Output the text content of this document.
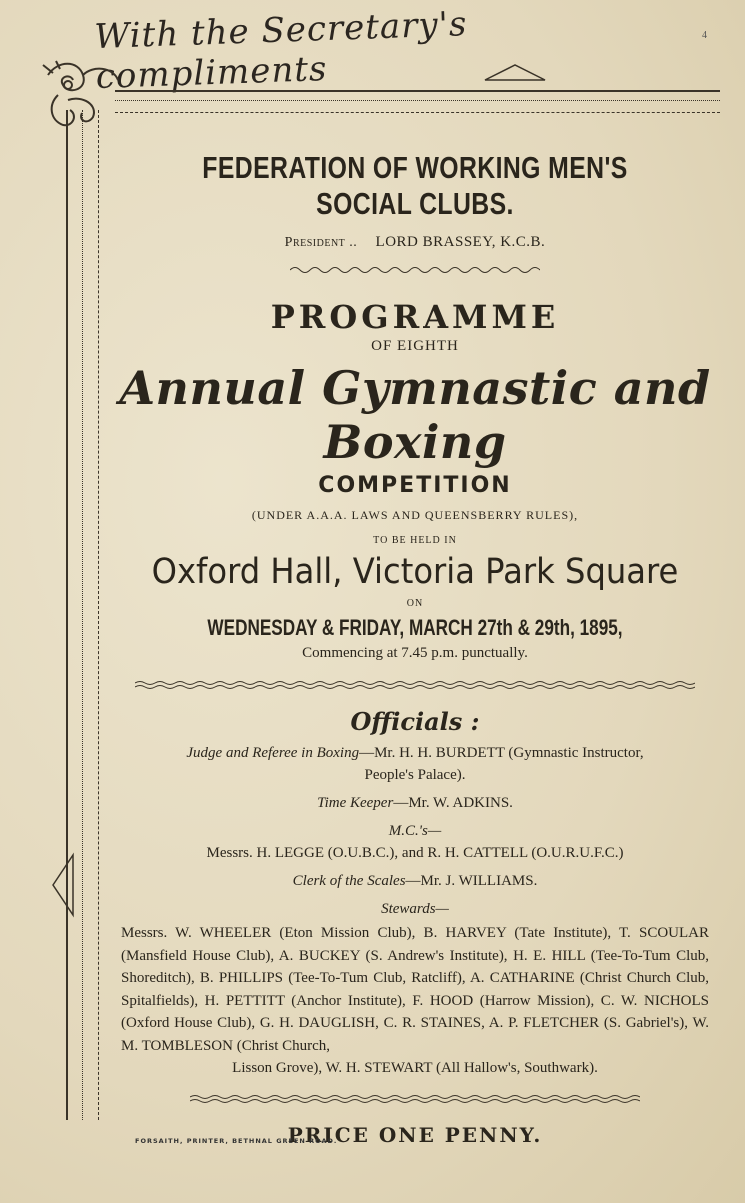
With the Secretary's compliments
4

FEDERATION OF WORKING MEN'S SOCIAL CLUBS.

President .. LORD BRASSEY, K.C.B.

PROGRAMME

OF EIGHTH

Annual Gymnastic and Boxing

COMPETITION

(UNDER A.A.A. LAWS AND QUEENSBERRY RULES),

TO BE HELD IN

Oxford Hall, Victoria Park Square

ON

WEDNESDAY & FRIDAY, MARCH 27th & 29th, 1895,

Commencing at 7.45 p.m. punctually.

Officials :

Judge and Referee in Boxing—Mr. H. H. BURDETT (Gymnastic Instructor,
People's Palace).

Time Keeper—Mr. W. ADKINS.

M.C.'s—

Messrs. H. LEGGE (O.U.B.C.), and R. H. CATTELL (O.U.R.U.F.C.)

Clerk of the Scales—Mr. J. WILLIAMS.

Stewards—

Messrs. W. WHEELER (Eton Mission Club), B. HARVEY (Tate Institute), T. SCOULAR (Mansfield House Club), A. BUCKEY (S. Andrew's Institute), H. E. HILL (Tee-To-Tum Club, Shoreditch), B. PHILLIPS (Tee-To-Tum Club, Ratcliff), A. CATHARINE (Christ Church Club, Spitalfields), H. PETTITT (Anchor Institute), F. HOOD (Harrow Mission), C. W. NICHOLS (Oxford House Club), G. H. DAUGLISH, C. R. STAINES, A. P. FLETCHER (S. Gabriel's), W. M. TOMBLESON (Christ Church,

Lisson Grove), W. H. STEWART (All Hallow's, Southwark).

PRICE ONE PENNY.

FORSAITH, PRINTER, BETHNAL GREEN ROAD.
